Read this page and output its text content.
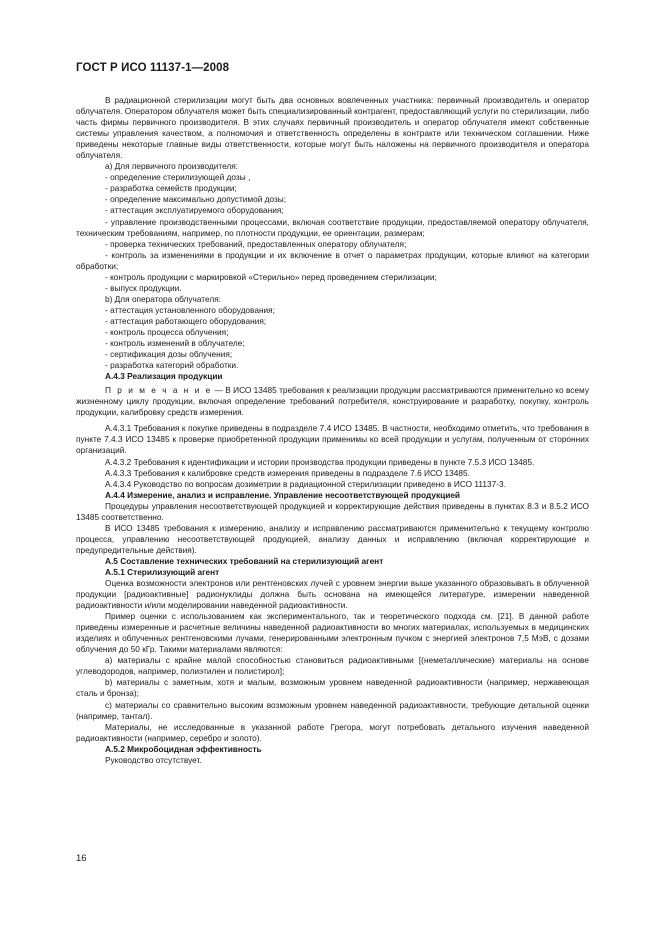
ГОСТ Р ИСО 11137-1—2008

В радиационной стерилизации могут быть два основных вовлеченных участника: первичный производитель и оператор облучателя. Оператором облучателя может быть специализированный контрагент, предоставляющий услуги по стерилизации, либо часть фирмы первичного производителя. В этих случаях первичный производитель и оператор облучателя имеют собственные системы управления качеством, а полномочия и ответственность определены в контракте или техническом соглашении. Ниже приведены некоторые главные виды ответственности, которые могут быть наложены на первичного производителя и оператора облучателя.

a) Для первичного производителя:

- определение стерилизующей дозы ,

- разработка семейств продукции;

- определение максимально допустимой дозы;

- аттестация эксплуатируемого оборудования;

- управление производственными процессами, включая соответствие продукции, предоставляемой оператору облучателя, техническим требованиям, например, по плотности продукции, ее ориентации, размерам;

- проверка технических требований, предоставленных оператору облучателя;

- контроль за изменениями в продукции и их включение в отчет о параметрах продукции, которые влияют на категории обработки;

- контроль продукции с маркировкой «Стерильно» перед проведением стерилизации;

- выпуск продукции.

b) Для оператора облучателя:

- аттестация установленного оборудования;

- аттестация работающего оборудования;

- контроль процесса облучения;

- контроль изменений в облучателе;

- сертификация дозы облучения;

- разработка категорий обработки.

А.4.3 Реализация продукции

П р и м е ч а н и е — В ИСО 13485 требования к реализации продукции рассматриваются применительно ко всему жизненному циклу продукции, включая определение требований потребителя, конструирование и разработку, покупку, контроль продукции, калибровку средств измерения.

А.4.3.1 Требования к покупке приведены в подразделе 7.4 ИСО 13485. В частности, необходимо отметить, что требования в пункте 7.4.3 ИСО 13485 к проверке приобретенной продукции применимы ко всей продукции и услугам, полученным от сторонних организаций.

А.4.3.2 Требования к идентификации и истории производства продукции приведены в пункте 7.5.3 ИСО 13485.

А.4.3.3 Требования к калибровке средств измерения приведены в подразделе 7.6 ИСО 13485.

А.4.3.4 Руководство по вопросам дозиметрии в радиационной стерилизации приведено в ИСО 11137-3.

А.4.4 Измерение, анализ и исправление. Управление несоответствующей продукцией

Процедуры управления несоответствующей продукцией и корректирующие действия приведены в пунктах 8.3 и 8.5.2 ИСО 13485 соответственно.

В ИСО 13485 требования к измерению, анализу и исправлению рассматриваются применительно к текущему контролю процесса, управлению несоответствующей продукцией, анализу данных и исправлению (включая корректирующие и предупредительные действия).

А.5 Составление технических требований на стерилизующий агент

А.5.1 Стерилизующий агент

Оценка возможности электронов или рентгеновских лучей с уровнем энергии выше указанного образовывать в облученной продукции [радиоактивные] радионуклиды должна быть основана на имеющейся литературе, измерении наведенной радиоактивности и/или моделировании наведенной радиоактивности.

Пример оценки с использованием как экспериментального, так и теоретического подхода см. [21]. В данной работе приведены измеренные и расчетные величины наведенной радиоактивности во многих материалах, используемых в медицинских изделиях и облученных рентгеновскими лучами, генерированными электронным пучком с энергией электронов 7,5 МэВ, с дозами облучения до 50 кГр. Такими материалами являются:

а) материалы с крайне малой способностью становиться радиоактивными [(неметаллические) материалы на основе углеводородов, например, полиэтилен и полистирол];

b) материалы с заметным, хотя и малым, возможным уровнем наведенной радиоактивности (например, нержавеющая сталь и бронза);

c) материалы со сравнительно высоким возможным уровнем наведенной радиоактивности, требующие детальной оценки (например, тантал).

Материалы, не исследованные в указанной работе Грегора, могут потребовать детального изучения наведенной радиоактивности (например, серебро и золото).

А.5.2 Микробоцидная эффективность

Руководство отсутствует.

16
